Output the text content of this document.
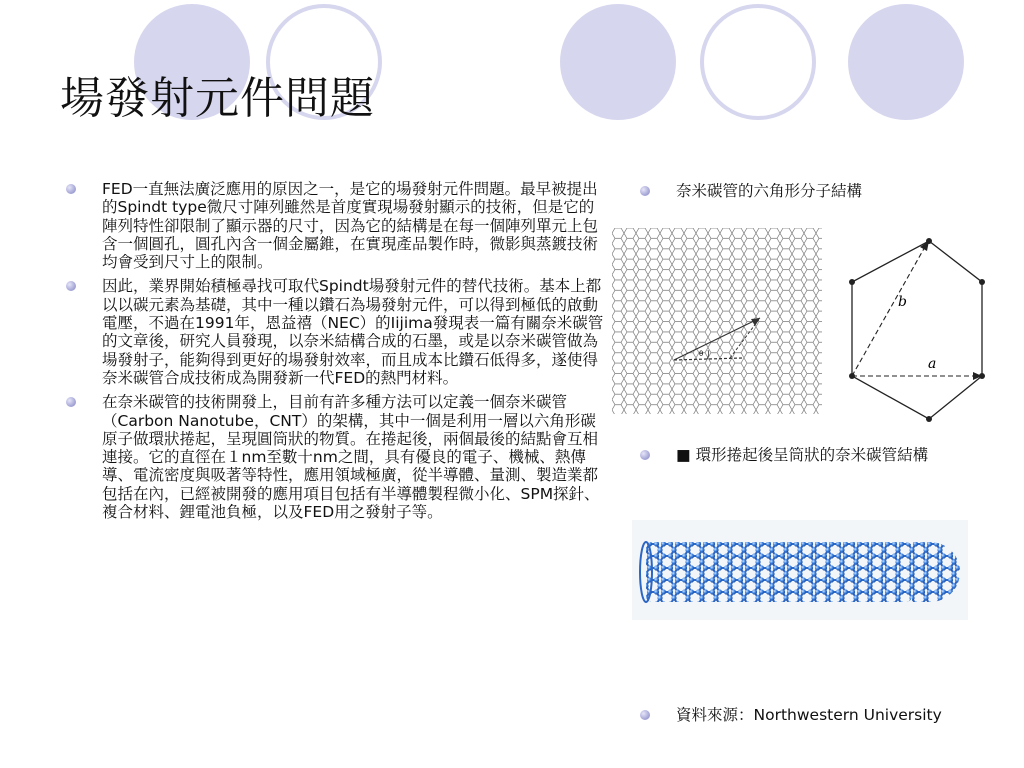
場發射元件問題
FED一直無法廣泛應用的原因之一，是它的場發射元件問題。最早被提出的Spindt type微尺寸陣列雖然是首度實現場發射顯示的技術，但是它的陣列特性卻限制了顯示器的尺寸，因為它的結構是在每一個陣列單元上包含一個圓孔，圓孔內含一個金屬錐，在實現產品製作時，微影與蒸鍍技術均會受到尺寸上的限制。
因此，業界開始積極尋找可取代Spindt場發射元件的替代技術。基本上都以以碳元素為基礎，其中一種以鑽石為場發射元件，可以得到極低的啟動電壓，不過在1991年，恩益禧（NEC）的Iijima發現表一篇有關奈米碳管的文章後，研究人員發現，以奈米結構合成的石墨，或是以奈米碳管做為場發射子，能夠得到更好的場發射效率，而且成本比鑽石低得多，遂使得奈米碳管合成技術成為開發新一代FED的熱門材料。
在奈米碳管的技術開發上，目前有許多種方法可以定義一個奈米碳管（Carbon Nanotube，CNT）的架構，其中一個是利用一層以六角形碳原子做環狀捲起，呈現圓筒狀的物質。在捲起後，兩個最後的結點會互相連接。它的直徑在１nm至數十nm之間，具有優良的電子、機械、熱傳導、電流密度與吸著等特性，應用領域極廣，從半導體、量測、製造業都包括在內，已經被開發的應用項目包括有半導體製程微小化、SPM探針、複合材料、鋰電池負極，以及FED用之發射子等。
奈米碳管的六角形分子結構
θ
b
a
■ 環形捲起後呈筒狀的奈米碳管結構
資料來源：Northwestern University
